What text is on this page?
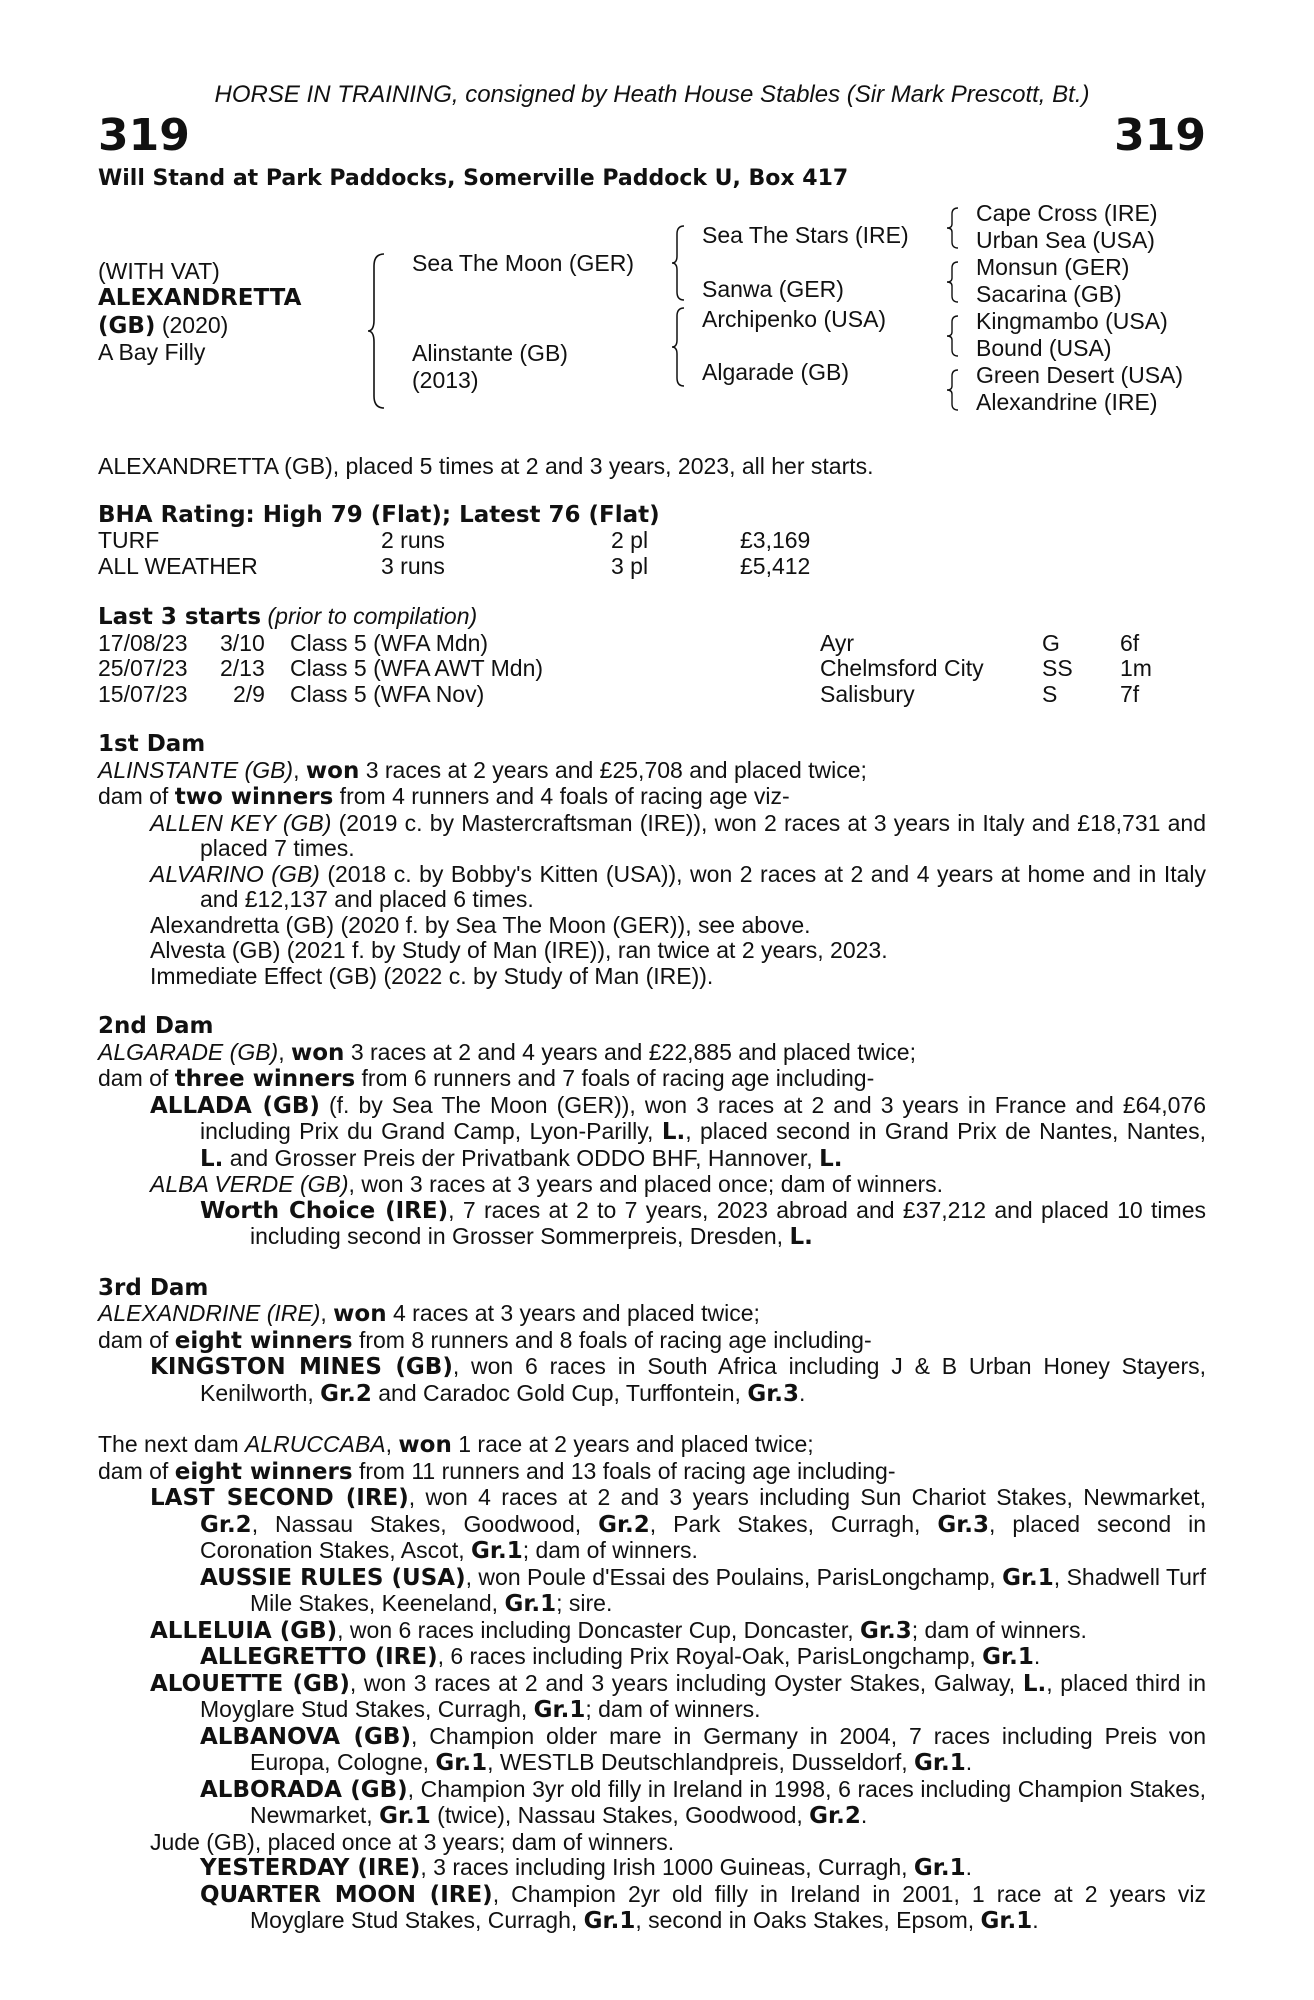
HORSE IN TRAINING, consigned by Heath House Stables (Sir Mark Prescott, Bt.)
319	319
Will Stand at Park Paddocks, Somerville Paddock U, Box 417
(WITH VAT)
ALEXANDRETTA
(GB) (2020)
A Bay Filly
Sea The Moon (GER)
Alinstante (GB)
(2013)
Sea The Stars (IRE)
Sanwa (GER)
Archipenko (USA)
Algarade (GB)
Cape Cross (IRE)
Urban Sea (USA)
Monsun (GER)
Sacarina (GB)
Kingmambo (USA)
Bound (USA)
Green Desert (USA)
Alexandrine (IRE)
ALEXANDRETTA (GB), placed 5 times at 2 and 3 years, 2023, all her starts.
BHA Rating: High 79 (Flat); Latest 76 (Flat)
TURF	2 runs	2 pl	£3,169
ALL WEATHER	3 runs	3 pl	£5,412
Last 3 starts (prior to compilation)
17/08/23 3/10 Class 5 (WFA Mdn)	Ayr	G	6f
25/07/23 2/13 Class 5 (WFA AWT Mdn)	Chelmsford City	SS 1m
15/07/23 2/9 Class 5 (WFA Nov)	Salisbury	S	7f
1st Dam
ALINSTANTE (GB), won 3 races at 2 years and £25,708 and placed twice;
dam of two winners from 4 runners and 4 foals of racing age viz-
ALLEN KEY (GB) (2019 c. by Mastercraftsman (IRE)), won 2 races at 3 years in Italy and £18,731 and placed 7 times.
ALVARINO (GB) (2018 c. by Bobby's Kitten (USA)), won 2 races at 2 and 4 years at home and in Italy and £12,137 and placed 6 times.
Alexandretta (GB) (2020 f. by Sea The Moon (GER)), see above.
Alvesta (GB) (2021 f. by Study of Man (IRE)), ran twice at 2 years, 2023.
Immediate Effect (GB) (2022 c. by Study of Man (IRE)).
2nd Dam
ALGARADE (GB), won 3 races at 2 and 4 years and £22,885 and placed twice;
dam of three winners from 6 runners and 7 foals of racing age including-
ALLADA (GB) (f. by Sea The Moon (GER)), won 3 races at 2 and 3 years in France and £64,076 including Prix du Grand Camp, Lyon-Parilly, L., placed second in Grand Prix de Nantes, Nantes, L. and Grosser Preis der Privatbank ODDO BHF, Hannover, L.
ALBA VERDE (GB), won 3 races at 3 years and placed once; dam of winners.
Worth Choice (IRE), 7 races at 2 to 7 years, 2023 abroad and £37,212 and placed 10 times including second in Grosser Sommerpreis, Dresden, L.
3rd Dam
ALEXANDRINE (IRE), won 4 races at 3 years and placed twice;
dam of eight winners from 8 runners and 8 foals of racing age including-
KINGSTON MINES (GB), won 6 races in South Africa including J & B Urban Honey Stayers, Kenilworth, Gr.2 and Caradoc Gold Cup, Turffontein, Gr.3.
The next dam ALRUCCABA, won 1 race at 2 years and placed twice;
dam of eight winners from 11 runners and 13 foals of racing age including-
LAST SECOND (IRE), won 4 races at 2 and 3 years including Sun Chariot Stakes, Newmarket, Gr.2, Nassau Stakes, Goodwood, Gr.2, Park Stakes, Curragh, Gr.3, placed second in Coronation Stakes, Ascot, Gr.1; dam of winners.
AUSSIE RULES (USA), won Poule d'Essai des Poulains, ParisLongchamp, Gr.1, Shadwell Turf Mile Stakes, Keeneland, Gr.1; sire.
ALLELUIA (GB), won 6 races including Doncaster Cup, Doncaster, Gr.3; dam of winners.
ALLEGRETTO (IRE), 6 races including Prix Royal-Oak, ParisLongchamp, Gr.1.
ALOUETTE (GB), won 3 races at 2 and 3 years including Oyster Stakes, Galway, L., placed third in Moyglare Stud Stakes, Curragh, Gr.1; dam of winners.
ALBANOVA (GB), Champion older mare in Germany in 2004, 7 races including Preis von Europa, Cologne, Gr.1, WESTLB Deutschlandpreis, Dusseldorf, Gr.1.
ALBORADA (GB), Champion 3yr old filly in Ireland in 1998, 6 races including Champion Stakes, Newmarket, Gr.1 (twice), Nassau Stakes, Goodwood, Gr.2.
Jude (GB), placed once at 3 years; dam of winners.
YESTERDAY (IRE), 3 races including Irish 1000 Guineas, Curragh, Gr.1.
QUARTER MOON (IRE), Champion 2yr old filly in Ireland in 2001, 1 race at 2 years viz Moyglare Stud Stakes, Curragh, Gr.1, second in Oaks Stakes, Epsom, Gr.1.
